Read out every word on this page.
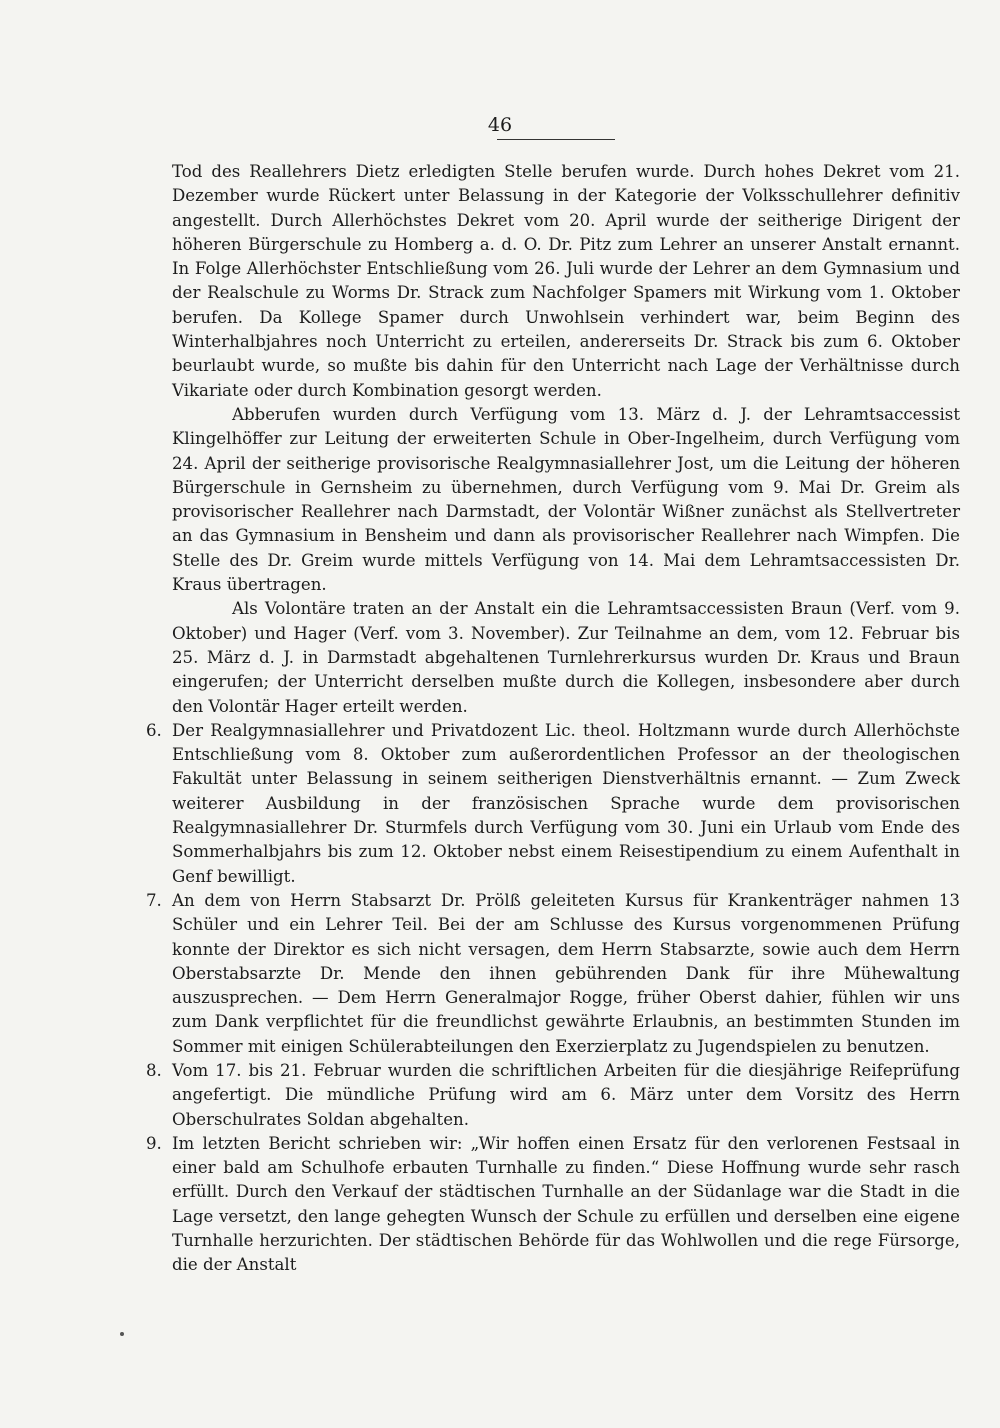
46

Tod des Reallehrers Dietz erledigten Stelle berufen wurde. Durch hohes Dekret vom 21. Dezember wurde Rückert unter Belassung in der Kategorie der Volksschullehrer definitiv angestellt. Durch Allerhöchstes Dekret vom 20. April wurde der seitherige Dirigent der höheren Bürgerschule zu Homberg a. d. O. Dr. Pitz zum Lehrer an unserer Anstalt ernannt. In Folge Allerhöchster Entschließung vom 26. Juli wurde der Lehrer an dem Gymnasium und der Realschule zu Worms Dr. Strack zum Nachfolger Spamers mit Wirkung vom 1. Oktober berufen. Da Kollege Spamer durch Unwohlsein verhindert war, beim Beginn des Winterhalbjahres noch Unterricht zu erteilen, andererseits Dr. Strack bis zum 6. Oktober beurlaubt wurde, so mußte bis dahin für den Unterricht nach Lage der Verhältnisse durch Vikariate oder durch Kombination gesorgt werden.

Abberufen wurden durch Verfügung vom 13. März d. J. der Lehramtsaccessist Klingelhöffer zur Leitung der erweiterten Schule in Ober-Ingelheim, durch Verfügung vom 24. April der seitherige provisorische Realgymnasiallehrer Jost, um die Leitung der höheren Bürgerschule in Gernsheim zu übernehmen, durch Verfügung vom 9. Mai Dr. Greim als provisorischer Reallehrer nach Darmstadt, der Volontär Wißner zunächst als Stellvertreter an das Gymnasium in Bensheim und dann als provisorischer Reallehrer nach Wimpfen. Die Stelle des Dr. Greim wurde mittels Verfügung von 14. Mai dem Lehramtsaccessisten Dr. Kraus übertragen.

Als Volontäre traten an der Anstalt ein die Lehramtsaccessisten Braun (Verf. vom 9. Oktober) und Hager (Verf. vom 3. November). Zur Teilnahme an dem, vom 12. Februar bis 25. März d. J. in Darmstadt abgehaltenen Turnlehrerkursus wurden Dr. Kraus und Braun eingerufen; der Unterricht derselben mußte durch die Kollegen, insbesondere aber durch den Volontär Hager erteilt werden.

6. Der Realgymnasiallehrer und Privatdozent Lic. theol. Holtzmann wurde durch Allerhöchste Entschließung vom 8. Oktober zum außerordentlichen Professor an der theologischen Fakultät unter Belassung in seinem seitherigen Dienstverhältnis ernannt. — Zum Zweck weiterer Ausbildung in der französischen Sprache wurde dem provisorischen Realgymnasiallehrer Dr. Sturmfels durch Verfügung vom 30. Juni ein Urlaub vom Ende des Sommerhalbjahrs bis zum 12. Oktober nebst einem Reisestipendium zu einem Aufenthalt in Genf bewilligt.

7. An dem von Herrn Stabsarzt Dr. Prölß geleiteten Kursus für Krankenträger nahmen 13 Schüler und ein Lehrer Teil. Bei der am Schlusse des Kursus vorgenommenen Prüfung konnte der Direktor es sich nicht versagen, dem Herrn Stabsarzte, sowie auch dem Herrn Oberstabsarzte Dr. Mende den ihnen gebührenden Dank für ihre Mühewaltung auszusprechen. — Dem Herrn Generalmajor Rogge, früher Oberst dahier, fühlen wir uns zum Dank verpflichtet für die freundlichst gewährte Erlaubnis, an bestimmten Stunden im Sommer mit einigen Schülerabteilungen den Exerzierplatz zu Jugendspielen zu benutzen.

8. Vom 17. bis 21. Februar wurden die schriftlichen Arbeiten für die diesjährige Reifeprüfung angefertigt. Die mündliche Prüfung wird am 6. März unter dem Vorsitz des Herrn Oberschulrates Soldan abgehalten.

9. Im letzten Bericht schrieben wir: „Wir hoffen einen Ersatz für den verlorenen Festsaal in einer bald am Schulhofe erbauten Turnhalle zu finden.“ Diese Hoffnung wurde sehr rasch erfüllt. Durch den Verkauf der städtischen Turnhalle an der Südanlage war die Stadt in die Lage versetzt, den lange gehegten Wunsch der Schule zu erfüllen und derselben eine eigene Turnhalle herzurichten. Der städtischen Behörde für das Wohlwollen und die rege Fürsorge, die der Anstalt
